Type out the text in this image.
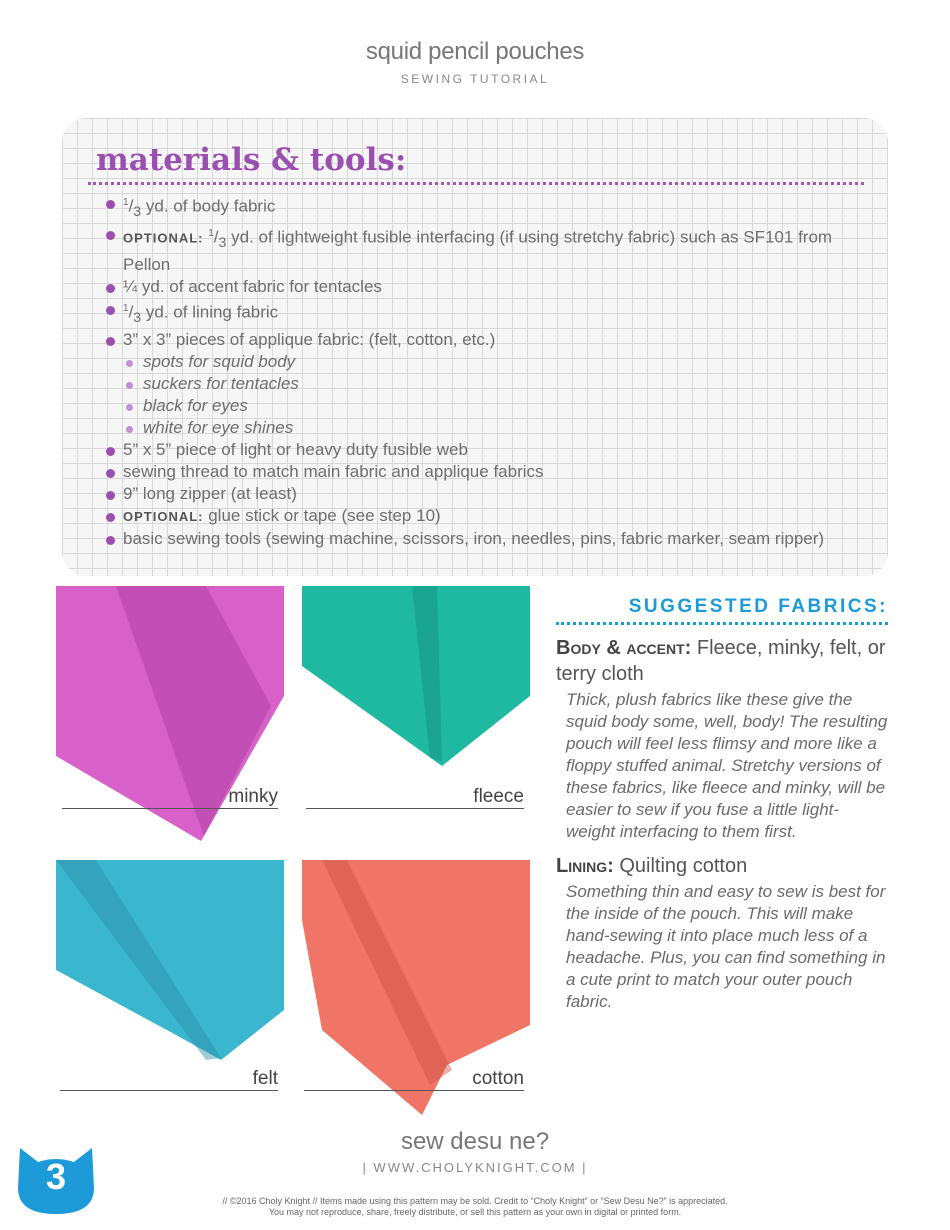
squid pencil pouches
SEWING TUTORIAL
materials & tools:
$^1/_3$ yd. of body fabric
OPTIONAL: $^1/_3$ yd. of lightweight fusible interfacing (if using stretchy fabric) such as SF101 from Pellon
¼ yd. of accent fabric for tentacles
$^1/_3$ yd. of lining fabric
3” x 3” pieces of applique fabric: (felt, cotton, etc.)
spots for squid body
suckers for tentacles
black for eyes
white for eye shines
5” x 5” piece of light or heavy duty fusible web
sewing thread to match main fabric and applique fabrics
9” long zipper (at least)
OPTIONAL: glue stick or tape (see step 10)
basic sewing tools (sewing machine, scissors, iron, needles, pins, fabric marker, seam ripper)
minky	fleece
felt	cotton
SUGGESTED FABRICS:
Body & accent: Fleece, minky, felt, or terry cloth
Thick, plush fabrics like these give the squid body some, well, body! The resulting pouch will feel less flimsy and more like a floppy stuffed animal. Stretchy versions of these fabrics, like fleece and minky, will be easier to sew if you fuse a little light-weight interfacing to them first.
Lining: Quilting cotton
Something thin and easy to sew is best for the inside of the pouch. This will make hand-sewing it into place much less of a headache. Plus, you can find something in a cute print to match your outer pouch fabric.
3
sew desu ne?
| WWW.CHOLYKNIGHT.COM |
// ©2016 Choly Knight // Items made using this pattern may be sold. Credit to “Choly Knight” or “Sew Desu Ne?” is appreciated.
You may not reproduce, share, freely distribute, or sell this pattern as your own in digital or printed form.
